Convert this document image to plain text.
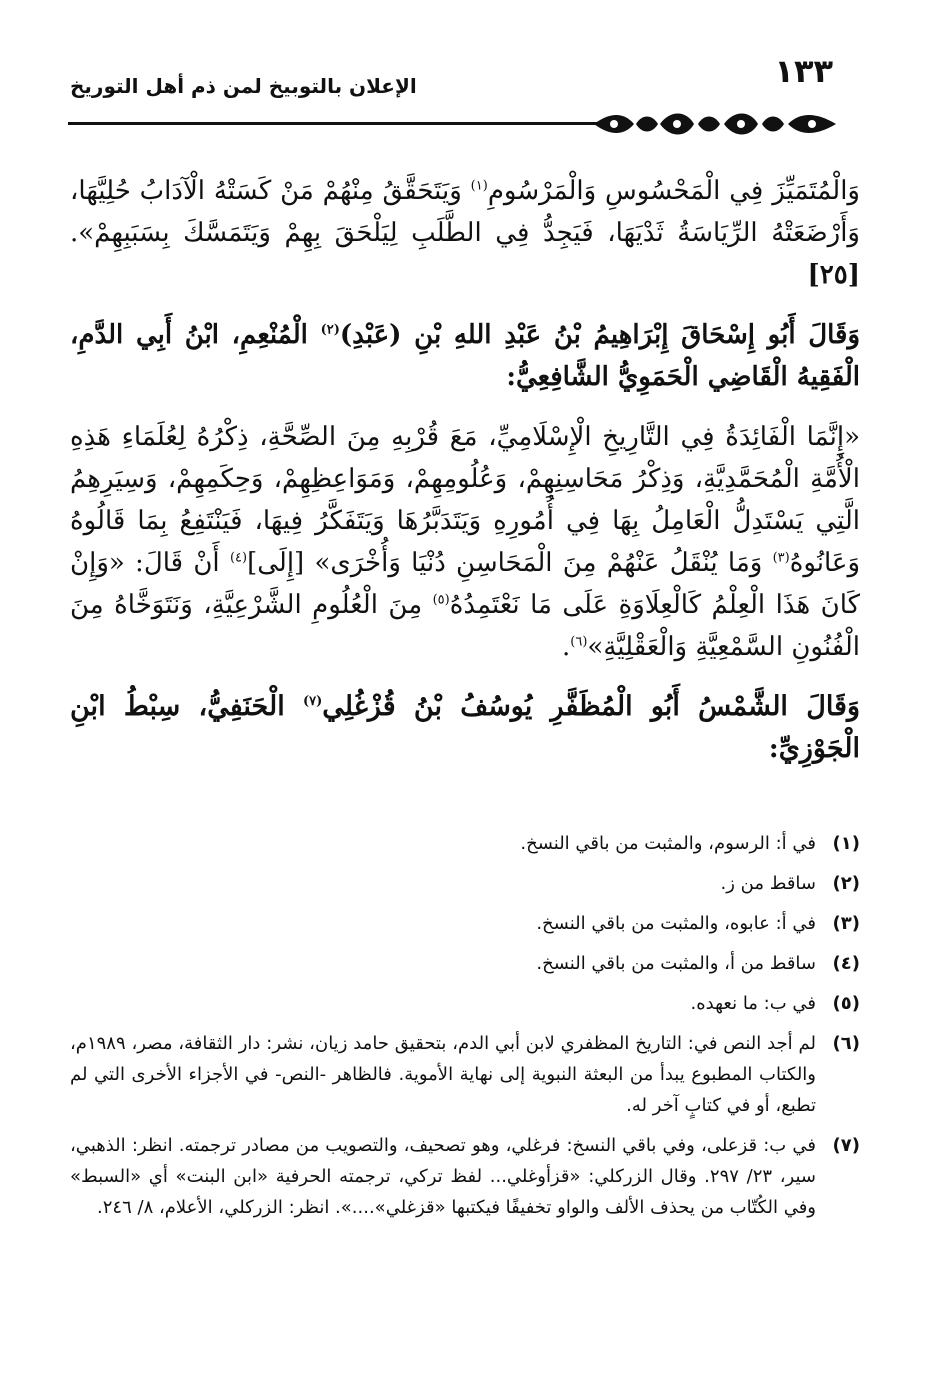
١٣٣
الإعلان بالتوبيخ لمن ذم أهل التوريخ

وَالْمُتَمَيِّزَ فِي الْمَحْسُوسِ وَالْمَرْسُومِ$^{(١)}$ وَيَتَحَقَّقُ مِنْهُمْ مَنْ كَسَتْهُ الْآدَابُ حُلِيَّهَا، وَأَرْضَعَتْهُ الرِّيَاسَةُ ثَدْيَهَا، فَيَجِدُّ فِي الطَّلَبِ لِيَلْحَقَ بِهِمْ وَيَتَمَسَّكَ بِسَبَبِهِمْ». [٢٥]

وَقَالَ أَبُو إِسْحَاقَ إِبْرَاهِيمُ بْنُ عَبْدِ اللهِ بْنِ (عَبْدِ)$^{(٢)}$ الْمُنْعِمِ، ابْنُ أَبِي الدَّمِ، الْفَقِيهُ الْقَاضِي الْحَمَوِيُّ الشَّافِعِيُّ:

«إِنَّمَا الْفَائِدَةُ فِي التَّارِيخِ الْإِسْلَامِيِّ، مَعَ قُرْبِهِ مِنَ الصِّحَّةِ، ذِكْرُهُ لِعُلَمَاءِ هَذِهِ الْأُمَّةِ الْمُحَمَّدِيَّةِ، وَذِكْرُ مَحَاسِنِهِمْ، وَعُلُومِهِمْ، وَمَوَاعِظِهِمْ، وَحِكَمِهِمْ، وَسِيَرِهِمُ الَّتِي يَسْتَدِلُّ الْعَامِلُ بِهَا فِي أُمُورِهِ وَيَتَدَبَّرُهَا وَيَتَفَكَّرُ فِيهَا، فَيَنْتَفِعُ بِمَا قَالُوهُ وَعَانُوهُ$^{(٣)}$ وَمَا يُنْقَلُ عَنْهُمْ مِنَ الْمَحَاسِنِ دُنْيَا وَأُخْرَى» [إِلَى]$^{(٤)}$ أَنْ قَالَ: «وَإِنْ كَانَ هَذَا الْعِلْمُ كَالْعِلَاوَةِ عَلَى مَا نَعْتَمِدُهُ$^{(٥)}$ مِنَ الْعُلُومِ الشَّرْعِيَّةِ، وَنَتَوَخَّاهُ مِنَ الْفُنُونِ السَّمْعِيَّةِ وَالْعَقْلِيَّةِ»$^{(٦)}$.

وَقَالَ الشَّمْسُ أَبُو الْمُظَفَّرِ يُوسُفُ بْنُ قُزْغُلِي$^{(٧)}$ الْحَنَفِيُّ، سِبْطُ ابْنِ الْجَوْزِيِّ:

(١)
في أ: الرسوم، والمثبت من باقي النسخ.
(٢)
ساقط من ز.
(٣)
في أ: عابوه، والمثبت من باقي النسخ.
(٤)
ساقط من أ، والمثبت من باقي النسخ.
(٥)
في ب: ما نعهده.
(٦)
لم أجد النص في: التاريخ المظفري لابن أبي الدم، بتحقيق حامد زيان، نشر: دار الثقافة، مصر، ١٩٨٩م، والكتاب المطبوع يبدأ من البعثة النبوية إلى نهاية الأموية. فالظاهر -النص- في الأجزاء الأخرى التي لم تطبع، أو في كتابٍ آخر له.
(٧)
في ب: قزعلى، وفي باقي النسخ: فرغلي، وهو تصحيف، والتصويب من مصادر ترجمته. انظر: الذهبي، سير، ٢٣/ ٢٩٧. وقال الزركلي: «قزأوغلي... لفظ تركي، ترجمته الحرفية «ابن البنت» أي «السبط» وفي الكُتّاب من يحذف الألف والواو تخفيفًا فيكتبها «قزغلي»....». انظر: الزركلي، الأعلام، ٨/ ٢٤٦.
